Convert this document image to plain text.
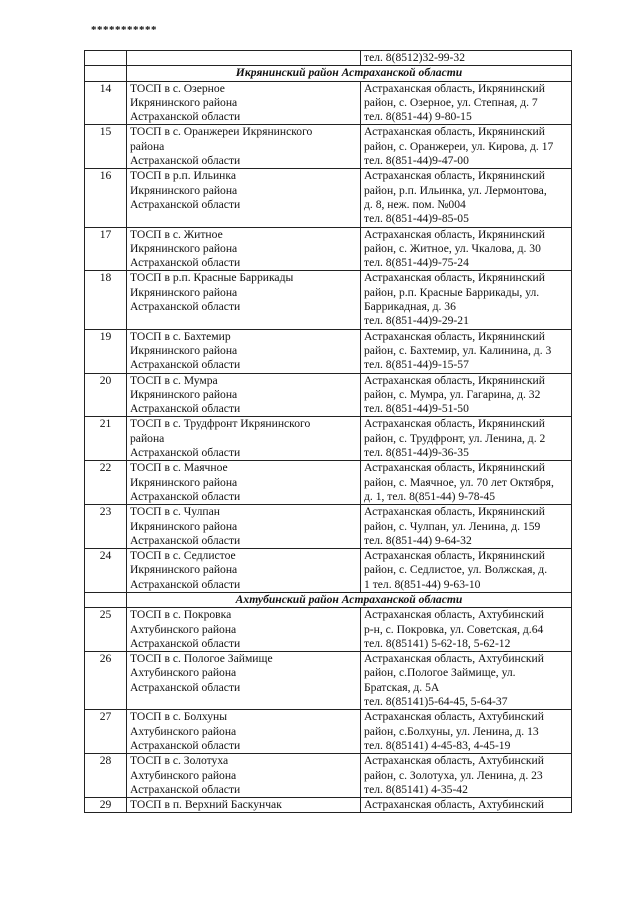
***********

		тел. 8(8512)32-99-32

	Икрянинский район Астраханской области	
14	ТОСП в с. Озерное
Икрянинского района
Астраханской области	Астраханская область, Икрянинский
район, с. Озерное, ул. Степная, д. 7
тел. 8(851-44) 9-80-15

15	ТОСП в с. Оранжереи Икрянинского
района
Астраханской области	Астраханская область, Икрянинский
район, с. Оранжереи, ул. Кирова, д. 17
тел. 8(851-44)9-47-00

16	ТОСП в р.п. Ильинка
Икрянинского района
Астраханской области	Астраханская область, Икрянинский
район, р.п. Ильинка, ул. Лермонтова,
д. 8, неж. пом. №004
тел. 8(851-44)9-85-05

17	ТОСП в с. Житное
Икрянинского района
Астраханской области	Астраханская область, Икрянинский
район, с. Житное, ул. Чкалова, д. 30
тел. 8(851-44)9-75-24

18	ТОСП в р.п. Красные Баррикады
Икрянинского района
Астраханской области	Астраханская область, Икрянинский
район, р.п. Красные Баррикады, ул.
Баррикадная, д. 36
тел. 8(851-44)9-29-21

19	ТОСП в с. Бахтемир
Икрянинского района
Астраханской области	Астраханская область, Икрянинский
район, с. Бахтемир, ул. Калинина, д. 3
тел. 8(851-44)9-15-57

20	ТОСП в с. Мумра
Икрянинского района
Астраханской области	Астраханская область, Икрянинский
район, с. Мумра, ул. Гагарина, д. 32
тел. 8(851-44)9-51-50

21	ТОСП в с. Трудфронт Икрянинского
района
Астраханской области	Астраханская область, Икрянинский
район, с. Трудфронт, ул. Ленина, д. 2
тел. 8(851-44)9-36-35

22	ТОСП в с. Маячное
Икрянинского района
Астраханской области	Астраханская область, Икрянинский
район, с. Маячное, ул. 70 лет Октября,
д. 1, тел. 8(851-44) 9-78-45

23	ТОСП в с. Чулпан
Икрянинского района
Астраханской области	Астраханская область, Икрянинский
район, с. Чулпан, ул. Ленина, д. 159
тел. 8(851-44) 9-64-32

24	ТОСП в с. Седлистое
Икрянинского района
Астраханской области	Астраханская область, Икрянинский
район, с. Седлистое, ул. Волжская, д.
1 тел. 8(851-44) 9-63-10

	Ахтубинский район Астраханской области	
25	ТОСП в с. Покровка
Ахтубинского района
Астраханской области	Астраханская область, Ахтубинский
р-н, с. Покровка, ул. Советская, д.64
тел. 8(85141) 5-62-18, 5-62-12

26	ТОСП в с. Пологое Займище
Ахтубинского района
Астраханской области	Астраханская область, Ахтубинский
район, с.Пологое Займище, ул.
Братская, д. 5А
тел. 8(85141)5-64-45, 5-64-37

27	ТОСП в с. Болхуны
Ахтубинского района
Астраханской области	Астраханская область, Ахтубинский
район, с.Болхуны, ул. Ленина, д. 13
тел. 8(85141) 4-45-83, 4-45-19

28	ТОСП в с. Золотуха
Ахтубинского района
Астраханской области	Астраханская область, Ахтубинский
район, с. Золотуха, ул. Ленина, д. 23
тел. 8(85141) 4-35-42

29	ТОСП в п. Верхний Баскунчак	Астраханская область, Ахтубинский
